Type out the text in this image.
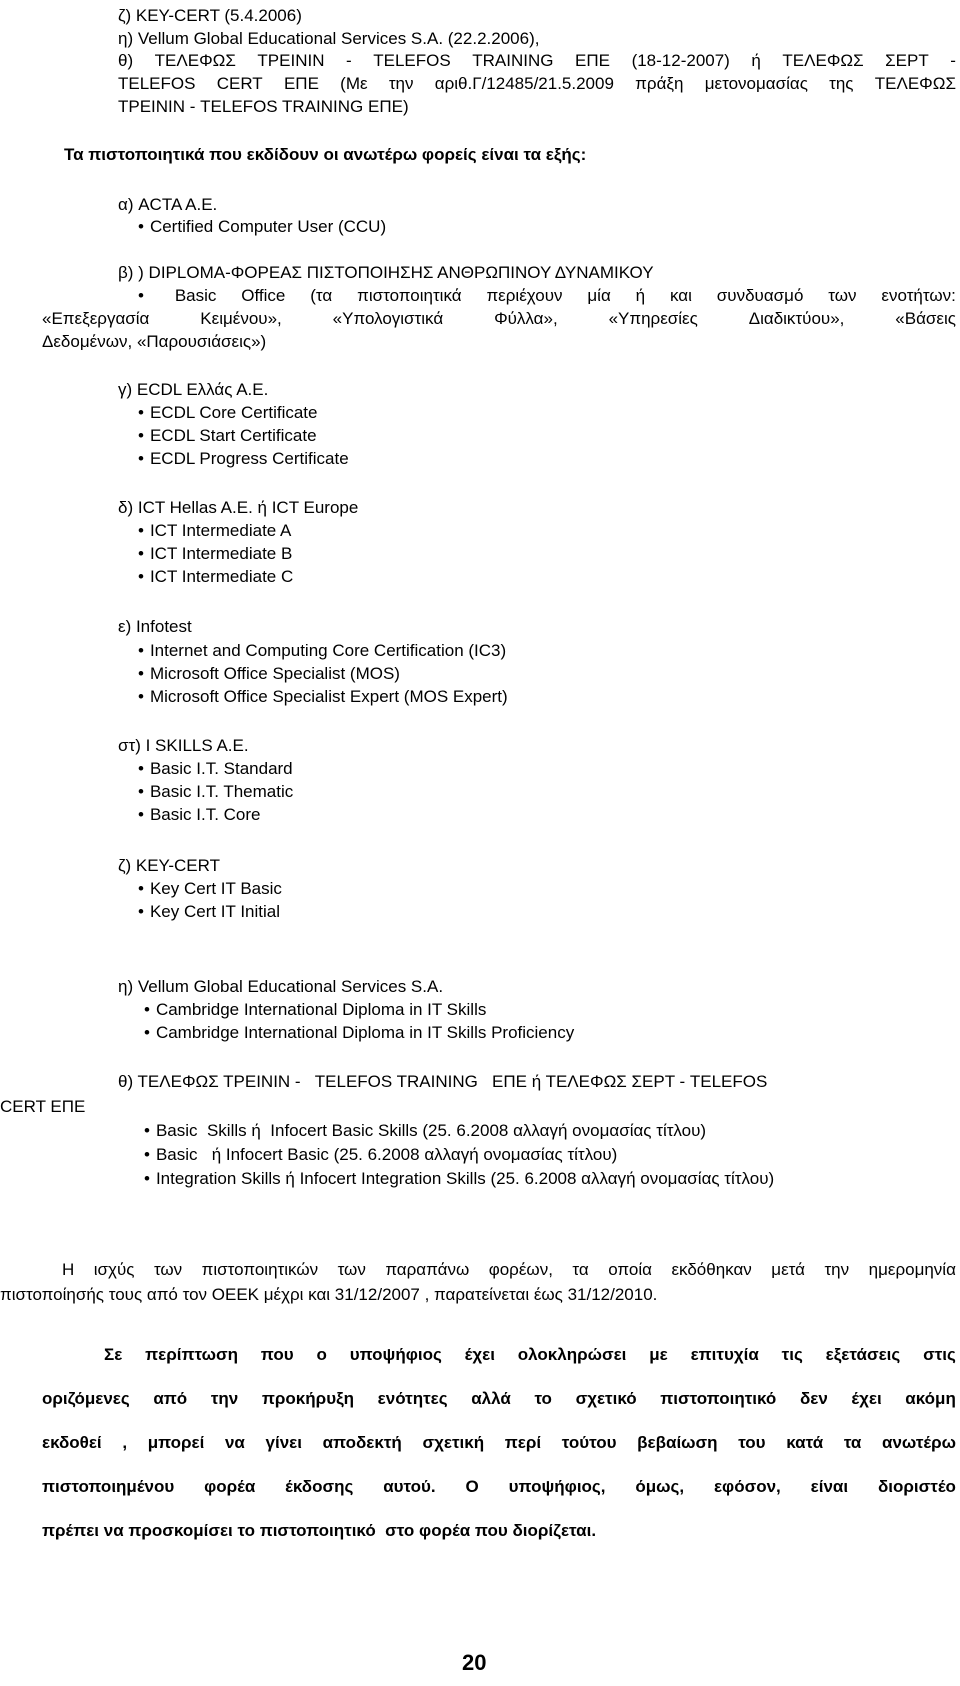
ζ) KEY-CERT (5.4.2006)
η) Vellum Global Educational Services S.A. (22.2.2006),
θ) ΤΕΛΕΦΩΣ ΤΡΕΙΝΙΝ - TELEFOS TRAINING ΕΠΕ (18-12-2007) ή ΤΕΛΕΦΩΣ ΣΕΡΤ -
TELEFOS CERT ΕΠΕ (Με την αριθ.Γ/12485/21.5.2009 πράξη μετονομασίας της ΤΕΛΕΦΩΣ
ΤΡΕΙΝΙΝ - TELEFOS TRAINING ΕΠΕ)
Τα πιστοποιητικά που εκδίδουν οι ανωτέρω φορείς είναι τα εξής:
α) ACTA A.E.
• Certified Computer User (CCU)
β) ) DIPLOMA-ΦΟΡΕΑΣ ΠΙΣΤΟΠΟΙΗΣΗΣ ΑΝΘΡΩΠΙΝΟΥ ΔΥΝΑΜΙΚΟΥ
• Basic Office (τα πιστοποιητικά περιέχουν μία ή και συνδυασμό των ενοτήτων:
«Επεξεργασία	Κειμένου»,	«Υπολογιστικά	Φύλλα»,	«Υπηρεσίες	Διαδικτύου»,	«Βάσεις
Δεδομένων, «Παρουσιάσεις»)
γ) ECDL Ελλάς Α.Ε.
• ECDL Core Certificate
• ECDL Start Certificate
• ECDL Progress Certificate
δ) ICT Hellas A.E. ή ICT Europe
• ICT Intermediate A
• ICT Intermediate B
• ICT Intermediate C
ε) Infotest
• Internet and Computing Core Certification (IC3)
• Microsoft Office Specialist (MOS)
• Microsoft Office Specialist Expert (MOS Expert)
στ) I SKILLS A.E.
• Basic I.T. Standard
• Basic I.T. Thematic
• Basic I.T. Core
ζ) KEY-CERT
• Key Cert IT Basic
• Key Cert IT Initial
η) Vellum Global Educational Services S.A.
• Cambridge International Diploma in IT Skills
• Cambridge International Diploma in IT Skills Proficiency
θ) ΤΕΛΕΦΩΣ ΤΡΕΙΝΙΝ -   TELEFOS TRAINING   ΕΠΕ ή ΤΕΛΕΦΩΣ ΣΕΡΤ - TELEFOS
CERT ΕΠΕ
• Basic  Skills ή  Infocert Basic Skills (25. 6.2008 αλλαγή ονομασίας τίτλου)
• Basic   ή Infocert Basic (25. 6.2008 αλλαγή ονομασίας τίτλου)
• Integration Skills ή Infocert Integration Skills (25. 6.2008 αλλαγή ονομασίας τίτλου)
Η ισχύς των πιστοποιητικών των παραπάνω φορέων, τα οποία εκδόθηκαν μετά την ημερομηνία
πιστοποίησής τους από τον ΟΕΕΚ μέχρι και 31/12/2007 , παρατείνεται έως 31/12/2010.
Σε περίπτωση που ο υποψήφιος έχει ολοκληρώσει με επιτυχία τις εξετάσεις στις
οριζόμενες από την προκήρυξη ενότητες αλλά το σχετικό πιστοποιητικό δεν έχει ακόμη
εκδοθεί , μπορεί να γίνει αποδεκτή σχετική περί τούτου βεβαίωση του κατά τα ανωτέρω
πιστοποιημένου φορέα έκδοσης αυτού. Ο υποψήφιος, όμως, εφόσον, είναι διοριστέο
πρέπει να προσκομίσει το πιστοποιητικό  στο φορέα που διορίζεται.
20
